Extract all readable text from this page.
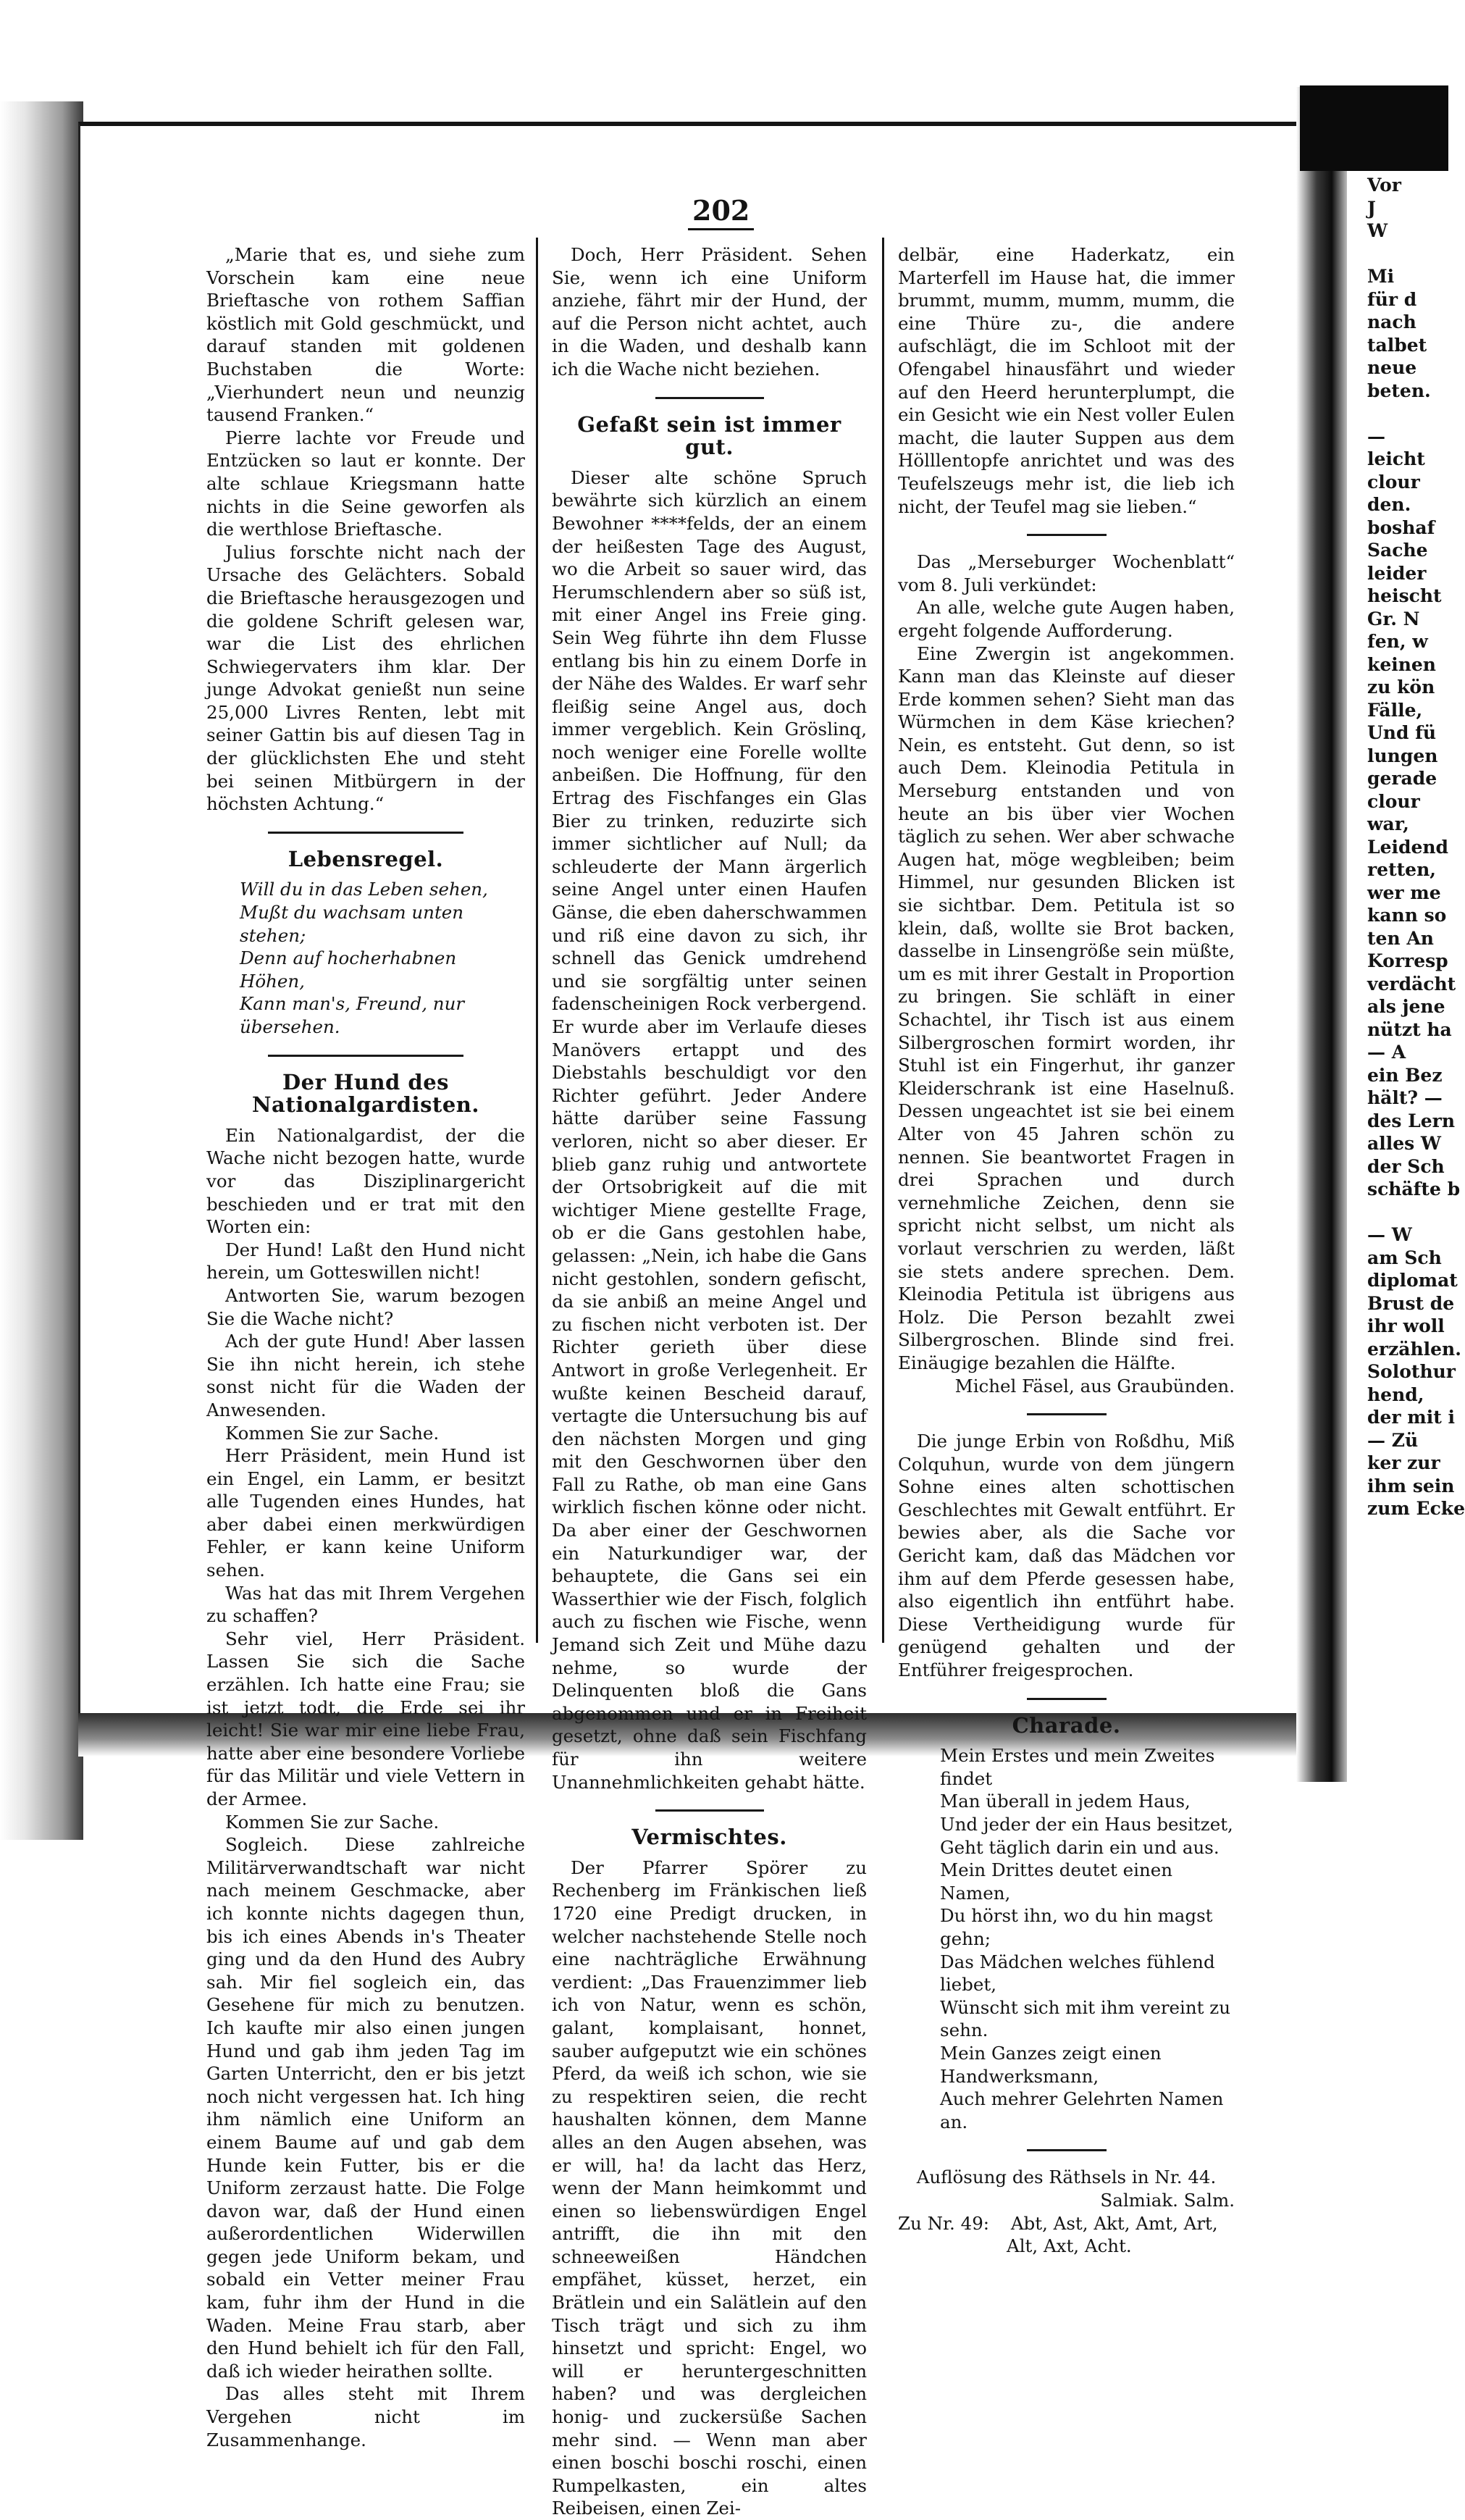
Vor
J
W

Mi
für d
nach
talbet
neue
beten.

—
leicht
clour
den.
boshaf
Sache
leider
heischt
Gr. N
fen, w
keinen
zu kön
Fälle,
Und fü
lungen
gerade
clour
war,
Leidend
retten,
wer me
kann so
ten An
Korresp
verdächt
als jene
nützt ha
— A
ein Bez
hält? —
des Lern
alles W
der Sch
schäfte b

— W
am Sch
diplomat
Brust de
ihr woll
erzählen.
Solothur
hend,
der mit i
— Zü
ker zur
ihm sein
zum Ecke
202

„Marie that es, und siehe zum Vorschein kam eine neue Brieftasche von rothem Saffian köstlich mit Gold geschmückt, und darauf standen mit goldenen Buchstaben die Worte: „Vierhundert neun und neunzig tausend Franken.“

Pierre lachte vor Freude und Entzücken so laut er konnte. Der alte schlaue Kriegsmann hatte nichts in die Seine geworfen als die werthlose Brieftasche.

Julius forschte nicht nach der Ursache des Gelächters. Sobald die Brieftasche herausgezogen und die goldene Schrift gelesen war, war die List des ehrlichen Schwiegervaters ihm klar. Der junge Advokat genießt nun seine 25,000 Livres Renten, lebt mit seiner Gattin bis auf diesen Tag in der glücklichsten Ehe und steht bei seinen Mitbürgern in der höchsten Achtung.“

Lebensregel.
Will du in das Leben sehen,
Mußt du wachsam unten stehen;
Denn auf hocherhabnen Höhen,
Kann man's, Freund, nur übersehen.
Der Hund des Nationalgardisten.

Ein Nationalgardist, der die Wache nicht bezogen hatte, wurde vor das Disziplinargericht beschieden und er trat mit den Worten ein:

Der Hund! Laßt den Hund nicht herein, um Gotteswillen nicht!

Antworten Sie, warum bezogen Sie die Wache nicht?

Ach der gute Hund! Aber lassen Sie ihn nicht herein, ich stehe sonst nicht für die Waden der Anwesenden.

Kommen Sie zur Sache.

Herr Präsident, mein Hund ist ein Engel, ein Lamm, er besitzt alle Tugenden eines Hundes, hat aber dabei einen merkwürdigen Fehler, er kann keine Uniform sehen.

Was hat das mit Ihrem Vergehen zu schaffen?

Sehr viel, Herr Präsident. Lassen Sie sich die Sache erzählen. Ich hatte eine Frau; sie ist jetzt todt, die Erde sei ihr leicht! Sie war mir eine liebe Frau, hatte aber eine besondere Vorliebe für das Militär und viele Vettern in der Armee.

Kommen Sie zur Sache.

Sogleich. Diese zahlreiche Militärverwandtschaft war nicht nach meinem Geschmacke, aber ich konnte nichts dagegen thun, bis ich eines Abends in's Theater ging und da den Hund des Aubry sah. Mir fiel sogleich ein, das Gesehene für mich zu benutzen. Ich kaufte mir also einen jungen Hund und gab ihm jeden Tag im Garten Unterricht, den er bis jetzt noch nicht vergessen hat. Ich hing ihm nämlich eine Uniform an einem Baume auf und gab dem Hunde kein Futter, bis er die Uniform zerzaust hatte. Die Folge davon war, daß der Hund einen außerordentlichen Widerwillen gegen jede Uniform bekam, und sobald ein Vetter meiner Frau kam, fuhr ihm der Hund in die Waden. Meine Frau starb, aber den Hund behielt ich für den Fall, daß ich wieder heirathen sollte.

Das alles steht mit Ihrem Vergehen nicht im Zusammenhange.

Doch, Herr Präsident. Sehen Sie, wenn ich eine Uniform anziehe, fährt mir der Hund, der auf die Person nicht achtet, auch in die Waden, und deshalb kann ich die Wache nicht beziehen.

Gefaßt sein ist immer gut.

Dieser alte schöne Spruch bewährte sich kürzlich an einem Bewohner ****felds, der an einem der heißesten Tage des August, wo die Arbeit so sauer wird, das Herumschlendern aber so süß ist, mit einer Angel ins Freie ging. Sein Weg führte ihn dem Flusse entlang bis hin zu einem Dorfe in der Nähe des Waldes. Er warf sehr fleißig seine Angel aus, doch immer vergeblich. Kein Gröslinq, noch weniger eine Forelle wollte anbeißen. Die Hoffnung, für den Ertrag des Fischfanges ein Glas Bier zu trinken, reduzirte sich immer sichtlicher auf Null; da schleuderte der Mann ärgerlich seine Angel unter einen Haufen Gänse, die eben daherschwammen und riß eine davon zu sich, ihr schnell das Genick umdrehend und sie sorgfältig unter seinen fadenscheinigen Rock verbergend. Er wurde aber im Verlaufe dieses Manövers ertappt und des Diebstahls beschuldigt vor den Richter geführt. Jeder Andere hätte darüber seine Fassung verloren, nicht so aber dieser. Er blieb ganz ruhig und antwortete der Ortsobrigkeit auf die mit wichtiger Miene gestellte Frage, ob er die Gans gestohlen habe, gelassen: „Nein, ich habe die Gans nicht gestohlen, sondern gefischt, da sie anbiß an meine Angel und zu fischen nicht verboten ist. Der Richter gerieth über diese Antwort in große Verlegenheit. Er wußte keinen Bescheid darauf, vertagte die Untersuchung bis auf den nächsten Morgen und ging mit den Geschwornen über den Fall zu Rathe, ob man eine Gans wirklich fischen könne oder nicht. Da aber einer der Geschwornen ein Naturkundiger war, der behauptete, die Gans sei ein Wasserthier wie der Fisch, folglich auch zu fischen wie Fische, wenn Jemand sich Zeit und Mühe dazu nehme, so wurde der Delinquenten bloß die Gans abgenommen und er in Freiheit gesetzt, ohne daß sein Fischfang für ihn weitere Unannehmlichkeiten gehabt hätte.

Vermischtes.

Der Pfarrer Spörer zu Rechenberg im Fränkischen ließ 1720 eine Predigt drucken, in welcher nachstehende Stelle noch eine nachträgliche Erwähnung verdient: „Das Frauenzimmer lieb ich von Natur, wenn es schön, galant, komplaisant, honnet, sauber aufgeputzt wie ein schönes Pferd, da weiß ich schon, wie sie zu respektiren seien, die recht haushalten können, dem Manne alles an den Augen absehen, was er will, ha! da lacht das Herz, wenn der Mann heimkommt und einen so liebenswürdigen Engel antrifft, die ihn mit den schneeweißen Händchen empfähet, küsset, herzet, ein Brätlein und ein Salätlein auf den Tisch trägt und sich zu ihm hinsetzt und spricht: Engel, wo will er heruntergeschnitten haben? und was dergleichen honig- und zuckersüße Sachen mehr sind. — Wenn man aber einen boschi boschi roschi, einen Rumpelkasten, ein altes Reibeisen, einen Zei-

delbär, eine Haderkatz, ein Marterfell im Hause hat, die immer brummt, mumm, mumm, mumm, die eine Thüre zu-, die andere aufschlägt, die im Schloot mit der Ofengabel hinausfährt und wieder auf den Heerd herunterplumpt, die ein Gesicht wie ein Nest voller Eulen macht, die lauter Suppen aus dem Hölllentopfe anrichtet und was des Teufelszeugs mehr ist, die lieb ich nicht, der Teufel mag sie lieben.“

Das „Merseburger Wochenblatt“ vom 8. Juli verkündet:

An alle, welche gute Augen haben, ergeht folgende Aufforderung.

Eine Zwergin ist angekommen. Kann man das Kleinste auf dieser Erde kommen sehen? Sieht man das Würmchen in dem Käse kriechen? Nein, es entsteht. Gut denn, so ist auch Dem. Kleinodia Petitula in Merseburg entstanden und von heute an bis über vier Wochen täglich zu sehen. Wer aber schwache Augen hat, möge wegbleiben; beim Himmel, nur gesunden Blicken ist sie sichtbar. Dem. Petitula ist so klein, daß, wollte sie Brot backen, dasselbe in Linsengröße sein müßte, um es mit ihrer Gestalt in Proportion zu bringen. Sie schläft in einer Schachtel, ihr Tisch ist aus einem Silbergroschen formirt worden, ihr Stuhl ist ein Fingerhut, ihr ganzer Kleiderschrank ist eine Haselnuß. Dessen ungeachtet ist sie bei einem Alter von 45 Jahren schön zu nennen. Sie beantwortet Fragen in drei Sprachen und durch vernehmliche Zeichen, denn sie spricht nicht selbst, um nicht als vorlaut verschrien zu werden, läßt sie stets andere sprechen. Dem. Kleinodia Petitula ist übrigens aus Holz. Die Person bezahlt zwei Silbergroschen. Blinde sind frei. Einäugige bezahlen die Hälfte.

Michel Fäsel, aus Graubünden.

Die junge Erbin von Roßdhu, Miß Colquhun, wurde von dem jüngern Sohne eines alten schottischen Geschlechtes mit Gewalt entführt. Er bewies aber, als die Sache vor Gericht kam, daß das Mädchen vor ihm auf dem Pferde gesessen habe, also eigentlich ihn entführt habe. Diese Vertheidigung wurde für genügend gehalten und der Entführer freigesprochen.

Charade.
Mein Erstes und mein Zweites findet
Man überall in jedem Haus,
Und jeder der ein Haus besitzet,
Geht täglich darin ein und aus.
Mein Drittes deutet einen Namen,
Du hörst ihn, wo du hin magst gehn;
Das Mädchen welches fühlend liebet,
Wünscht sich mit ihm vereint zu sehn.
Mein Ganzes zeigt einen Handwerksmann,
Auch mehrer Gelehrten Namen an.

Auflösung des Räthsels in Nr. 44.

Salmiak. Salm.

Zu Nr. 49: Abt, Ast, Akt, Amt, Art,

Alt, Axt, Acht.
